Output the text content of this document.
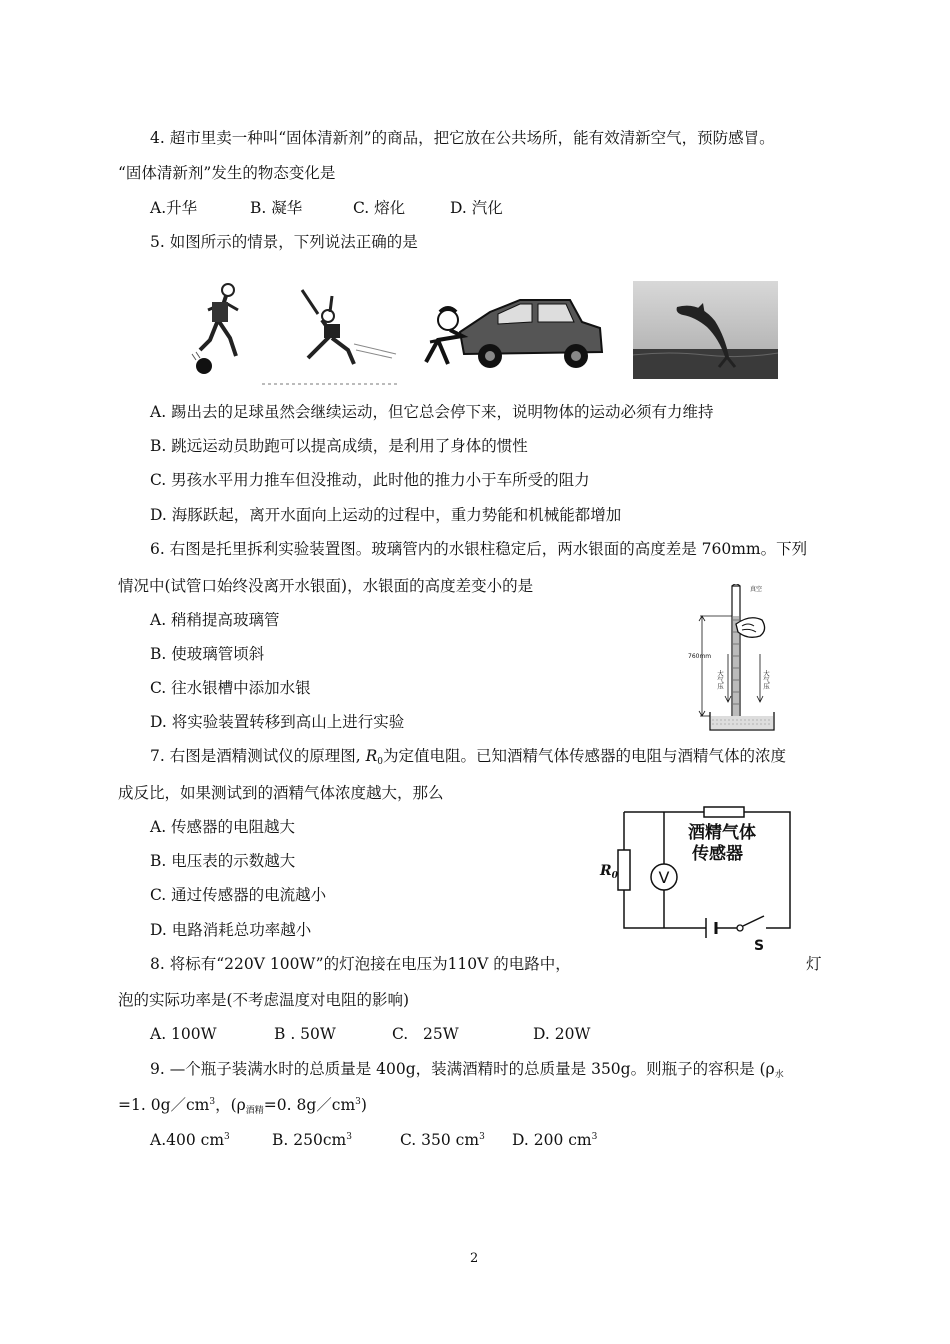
4. 超市里卖一种叫“固体清新剂”的商品，把它放在公共场所，能有效清新空气，预防感冒。
“固体清新剂”发生的物态变化是
A.升华	B. 凝华	C. 熔化	D. 汽化
5. 如图所示的情景，下列说法正确的是
A. 踢出去的足球虽然会继续运动，但它总会停下来，说明物体的运动必须有力维持
B. 跳远运动员助跑可以提高成绩，是利用了身体的惯性
C. 男孩水平用力推车但没推动，此时他的推力小于车所受的阻力
D. 海豚跃起，离开水面向上运动的过程中，重力势能和机械能都增加
6. 右图是托里拆利实验装置图。玻璃管内的水银柱稳定后，两水银面的高度差是 760mm。下列
情况中(试管口始终没离开水银面)，水银面的高度差变小的是
A. 稍稍提高玻璃管
B. 使玻璃管顷斜
C. 往水银槽中添加水银
D. 将实验装置转移到高山上进行实验
真空
760mm
大气压	大气压
7. 右图是酒精测试仪的原理图, $R_0$为定值电阻。已知酒精气体传感器的电阻与酒精气体的浓度
成反比，如果测试到的酒精气体浓度越大，那么
A. 传感器的电阻越大
B. 电压表的示数越大
C. 通过传感器的电流越小
D. 电路消耗总功率越小
V
$R_0$
酒精气体
传感器
S
8. 将标有“220V 100W”的灯泡接在电压为110V 的电路中，	灯
泡的实际功率是(不考虑温度对电阻的影响)
A. 100W	B . 50W	C.   25W	D. 20W
9. —个瓶子装满水时的总质量是 400g，装满酒精时的总质量是 350g。则瓶子的容积是 ($\rho_水$
=1. $0g/cm^3$，($\rho_{酒精}=0$. $8g/cm^3$)
A.400 $cm^3$	B. $250cm^3$	C. 350 $cm^3$ D. 200 $cm^3$
2
